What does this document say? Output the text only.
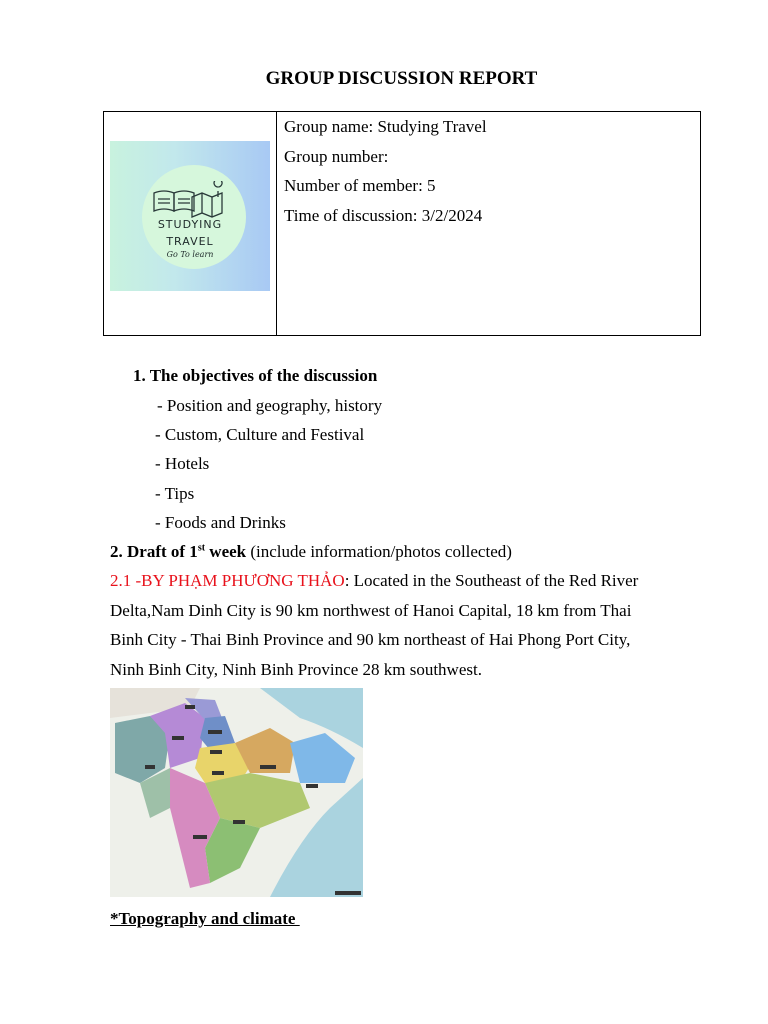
GROUP DISCUSSION REPORT
STUDYING
TRAVEL
Go To learn
Group name: Studying Travel
Group number:
Number of member: 5
Time of discussion: 3/2/2024
1. The objectives of the discussion
- Position and geography, history
- Custom, Culture and Festival
- Hotels
- Tips
- Foods and Drinks
2. Draft of 1st week (include information/photos collected)
2.1 -BY PHẠM PHƯƠNG THẢO: Located in the Southeast of the Red River
Delta,Nam Dinh City is 90 km northwest of Hanoi Capital, 18 km from Thai
Binh City - Thai Binh Province and 90 km northeast of Hai Phong Port City,
Ninh Binh City, Ninh Binh Province 28 km southwest.
*Topography and climate
